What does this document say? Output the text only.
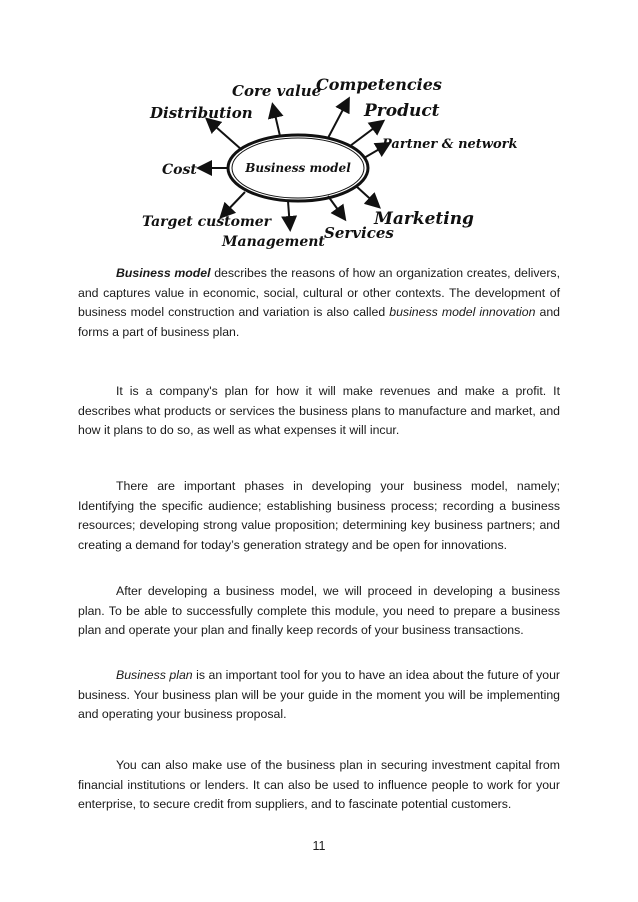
Business model
Core value
Competencies
Distribution	Product
Partner & network
Cost
Target customer
Management Services
Marketing

Business model describes the reasons of how an organization creates, delivers, and captures value in economic, social, cultural or other contexts. The development of business model construction and variation is also called business model innovation and forms a part of business plan.

It is a company's plan for how it will make revenues and make a profit. It describes what products or services the business plans to manufacture and market, and how it plans to do so, as well as what expenses it will incur.

There are important phases in developing your business model, namely; Identifying the specific audience; establishing business process; recording a business resources; developing strong value proposition; determining key business partners; and creating a demand for today’s generation strategy and be open for innovations.

After developing a business model, we will proceed in developing a business plan. To be able to successfully complete this module, you need to prepare a business plan and operate your plan and finally keep records of your business transactions.

Business plan is an important tool for you to have an idea about the future of your business. Your business plan will be your guide in the moment you will be implementing and operating your business proposal.

You can also make use of the business plan in securing investment capital from financial institutions or lenders. It can also be used to influence people to work for your enterprise, to secure credit from suppliers, and to fascinate potential customers.

11
